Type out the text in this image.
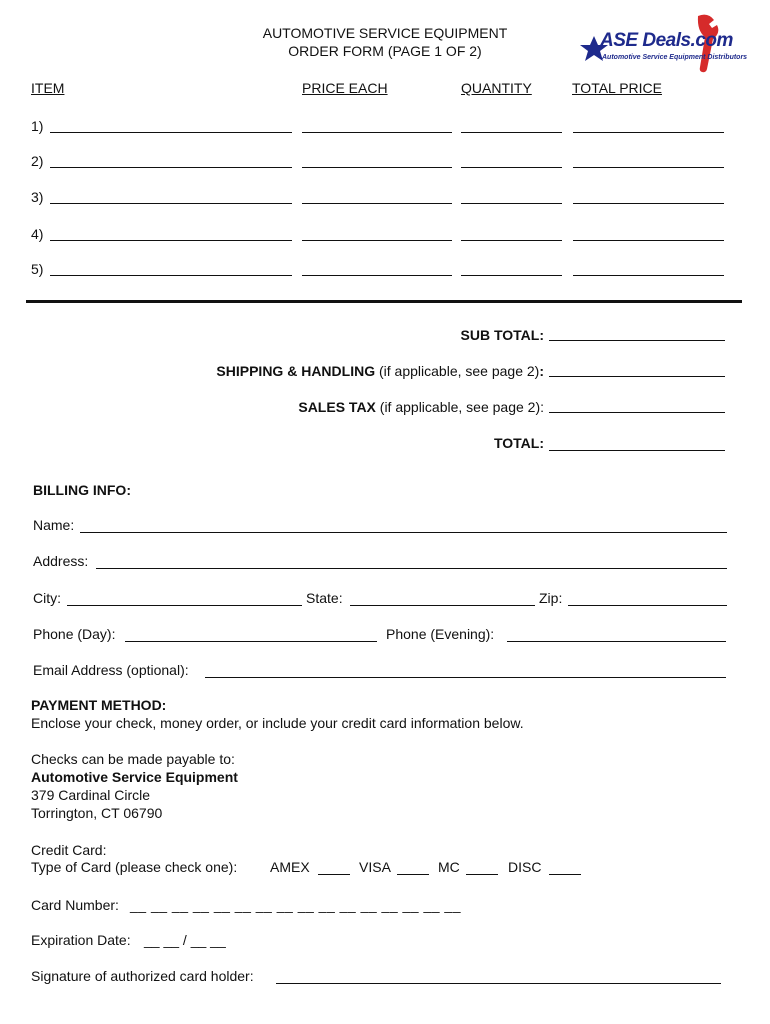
AUTOMOTIVE SERVICE EQUIPMENT
ORDER FORM (PAGE 1 OF 2)	ASE Deals.com
Automotive Service Equipment Distributors
ITEM	PRICE EACH	QUANTITY	TOTAL PRICE
1)
2)
3)
4)
5)
SUB TOTAL:
SHIPPING & HANDLING (if applicable, see page 2):
SALES TAX (if applicable, see page 2):
TOTAL:
BILLING INFO:
Name:
Address:
City:	State:	Zip:
Phone (Day):	Phone (Evening):
Email Address (optional):
PAYMENT METHOD:
Enclose your check, money order, or include your credit card information below.
Checks can be made payable to:
Automotive Service Equipment
379 Cardinal Circle
Torrington, CT 06790
Credit Card:
Type of Card (please check one): AMEX	VISA	MC	DISC
Card Number: __ __ __ __ __ __ __ __ __ __ __ __ __ __ __ __
Expiration Date: __ __ / __ __
Signature of authorized card holder:
